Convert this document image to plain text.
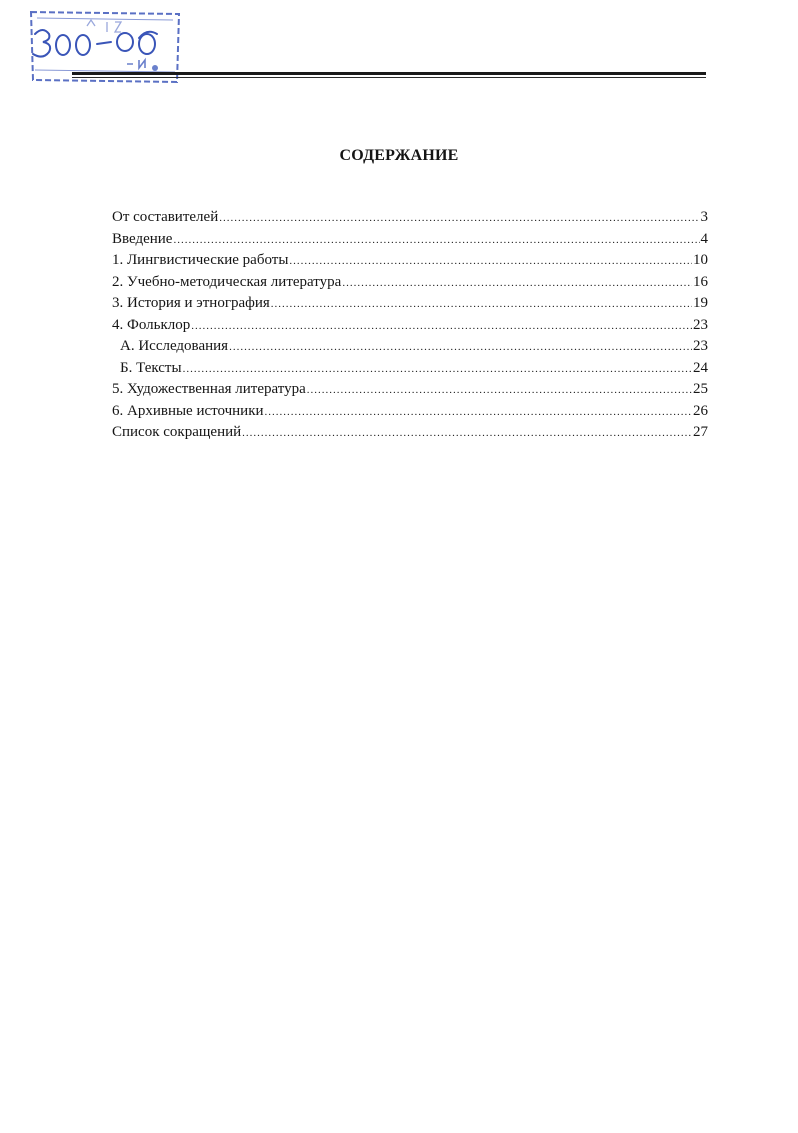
СОДЕРЖАНИЕ
От составителей .....	3
Введение .....	4
1. Лингвистические работы .....	10
2. Учебно-методическая литература .....	16
3. История и этнография .....	19
4. Фольклор .....	23
А. Исследования .....	23
Б. Тексты .....	24
5. Художественная литература .....	25
6. Архивные источники .....	26
Список сокращений .....	27
